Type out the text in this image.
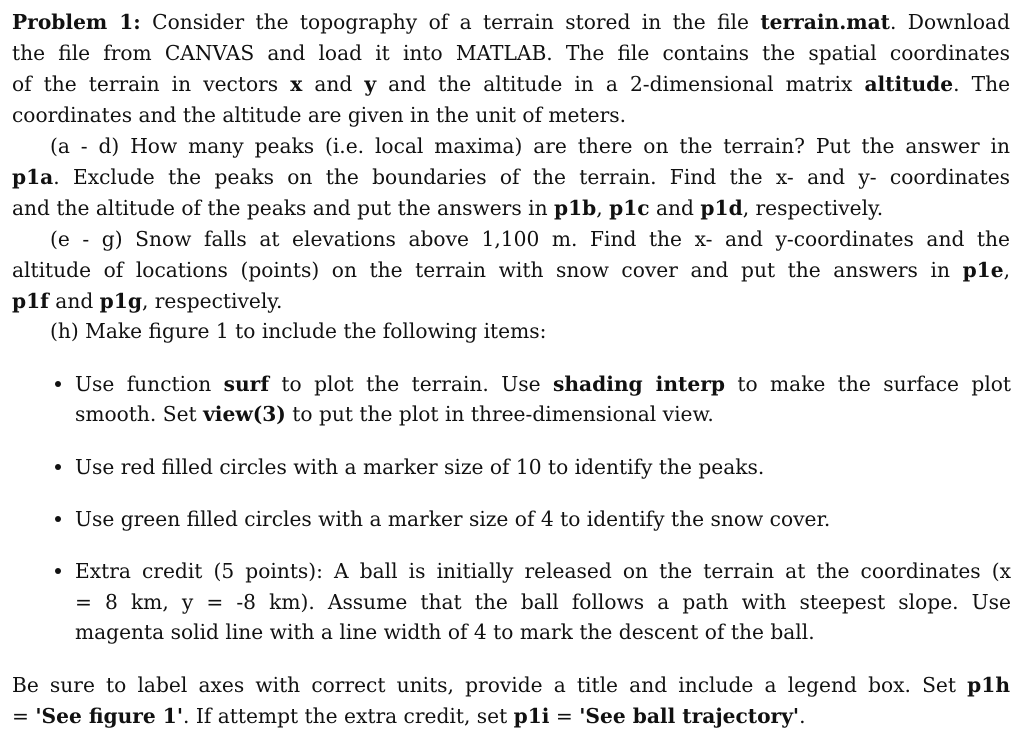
Problem 1: Consider the topography of a terrain stored in the file terrain.mat. Download

the file from CANVAS and load it into MATLAB. The file contains the spatial coordinates

of the terrain in vectors x and y and the altitude in a 2-dimensional matrix altitude. The

coordinates and the altitude are given in the unit of meters.

(a - d) How many peaks (i.e. local maxima) are there on the terrain? Put the answer in

p1a. Exclude the peaks on the boundaries of the terrain. Find the x- and y- coordinates

and the altitude of the peaks and put the answers in p1b, p1c and p1d, respectively.

(e - g) Snow falls at elevations above 1,100 m. Find the x- and y-coordinates and the

altitude of locations (points) on the terrain with snow cover and put the answers in p1e,

p1f and p1g, respectively.

(h) Make figure 1 to include the following items:

Use function surf to plot the terrain. Use shading interp to make the surface plot

smooth. Set view(3) to put the plot in three-dimensional view.

Use red filled circles with a marker size of 10 to identify the peaks.

Use green filled circles with a marker size of 4 to identify the snow cover.

Extra credit (5 points): A ball is initially released on the terrain at the coordinates (x

= 8 km, y = -8 km). Assume that the ball follows a path with steepest slope. Use

magenta solid line with a line width of 4 to mark the descent of the ball.

Be sure to label axes with correct units, provide a title and include a legend box. Set p1h

= 'See figure 1'. If attempt the extra credit, set p1i = 'See ball trajectory'.
